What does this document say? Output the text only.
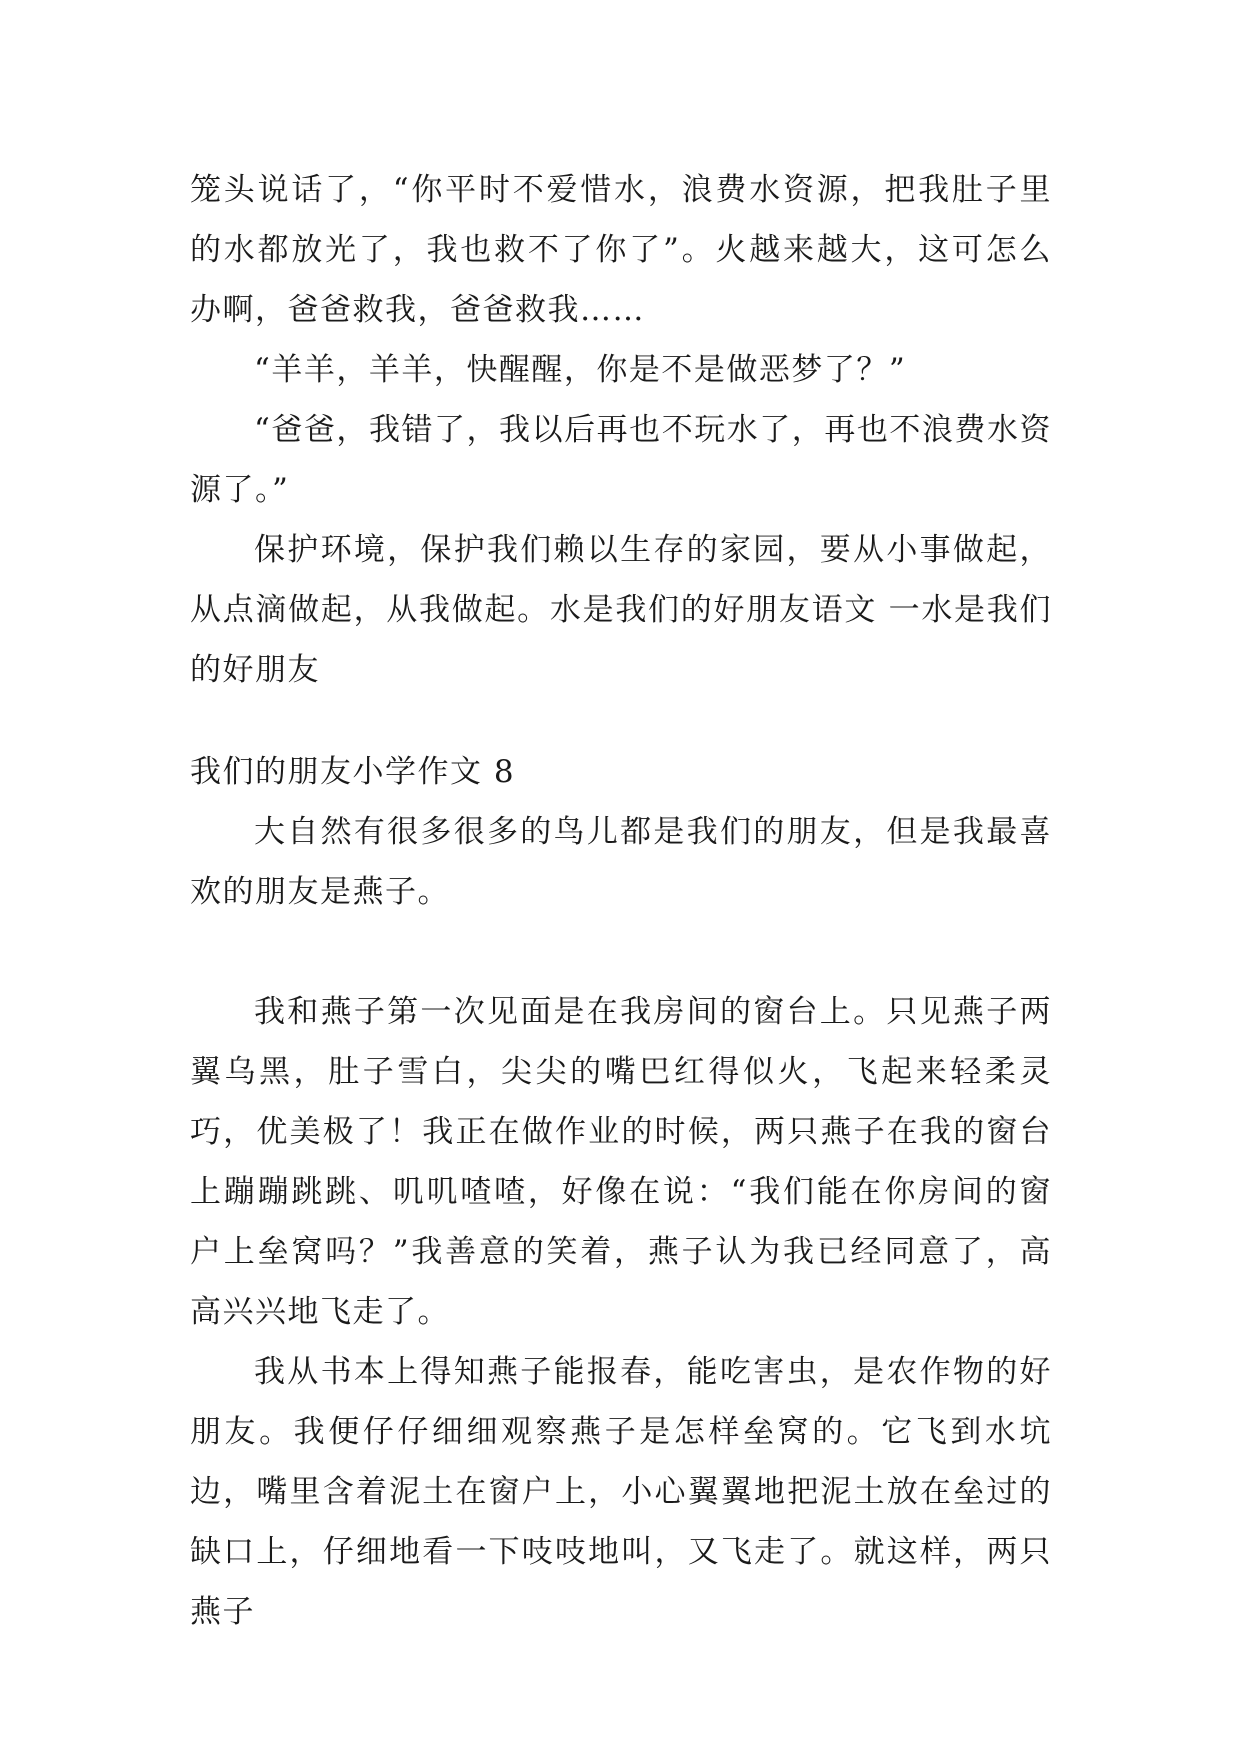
笼头说话了，“你平时不爱惜水，浪费水资源，把我肚子里的水都放光了，我也救不了你了”。火越来越大，这可怎么办啊，爸爸救我，爸爸救我……

“羊羊，羊羊，快醒醒，你是不是做恶梦了？”

“爸爸，我错了，我以后再也不玩水了，再也不浪费水资源了。”

保护环境，保护我们赖以生存的家园，要从小事做起，从点滴做起，从我做起。水是我们的好朋友语文 一水是我们的好朋友

我们的朋友小学作文 8

大自然有很多很多的鸟儿都是我们的朋友，但是我最喜欢的朋友是燕子。

我和燕子第一次见面是在我房间的窗台上。只见燕子两翼乌黑，肚子雪白，尖尖的嘴巴红得似火，飞起来轻柔灵巧，优美极了！我正在做作业的时候，两只燕子在我的窗台上蹦蹦跳跳、叽叽喳喳，好像在说：“我们能在你房间的窗户上垒窝吗？”我善意的笑着，燕子认为我已经同意了，高高兴兴地飞走了。

我从书本上得知燕子能报春，能吃害虫，是农作物的好朋友。我便仔仔细细观察燕子是怎样垒窝的。它飞到水坑边，嘴里含着泥土在窗户上，小心翼翼地把泥土放在垒过的缺口上，仔细地看一下吱吱地叫，又飞走了。就这样，两只燕子
